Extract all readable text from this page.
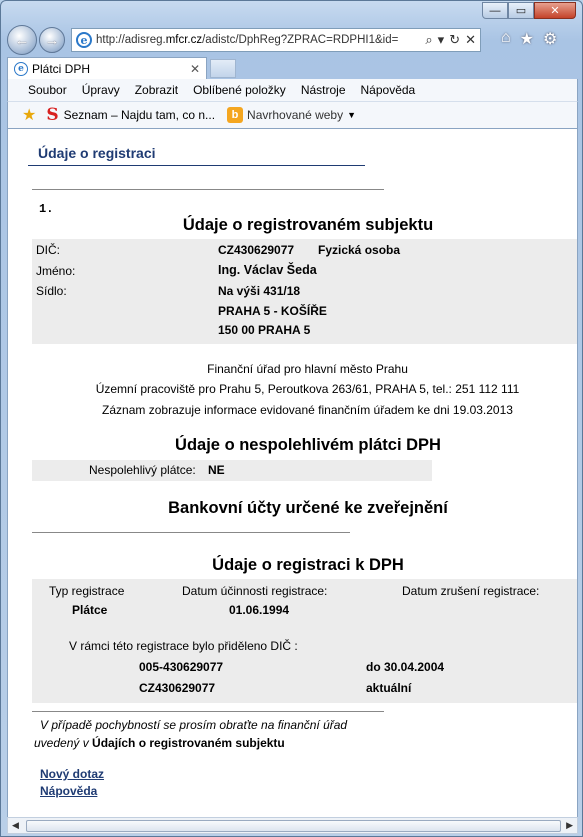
—	▭	✕
← →	e http://adisreg.mfcr.cz/adistc/DphReg?ZPRAC=RDPHI1&id= ⌕ ▾ ↻ ✕ ⌂ ★ ⚙
e Plátci DPH	✕
Soubor Úpravy Zobrazit Oblíbené položky Nástroje Nápověda
★ S Seznam – Najdu tam, co n...	b Navrhované weby ▼
Údaje o registraci
1.
Údaje o registrovaném subjektu
DIČ:	CZ430629077 Fyzická osoba
Jméno:	Ing. Václav Šeda
Sídlo:	Na výši 431/18
PRAHA 5 - KOŠÍŘE
150 00 PRAHA 5
Finanční úřad pro hlavní město Prahu
Územní pracoviště pro Prahu 5, Peroutkova 263/61, PRAHA 5, tel.: 251 112 111
Záznam zobrazuje informace evidované finančním úřadem ke dni 19.03.2013
Údaje o nespolehlivém plátci DPH
Nespolehlivý plátce: NE
Bankovní účty určené ke zveřejnění
Údaje o registraci k DPH
Typ registrace	Datum účinnosti registrace:	Datum zrušení registrace:
Plátce	01.06.1994
V rámci této registrace bylo přiděleno DIČ :
005-430629077	do 30.04.2004
CZ430629077	aktuální
V případě pochybností se prosím obraťte na finanční úřad
uvedený v Údajích o registrovaném subjektu
Nový dotaz
Nápověda
◀	▶
